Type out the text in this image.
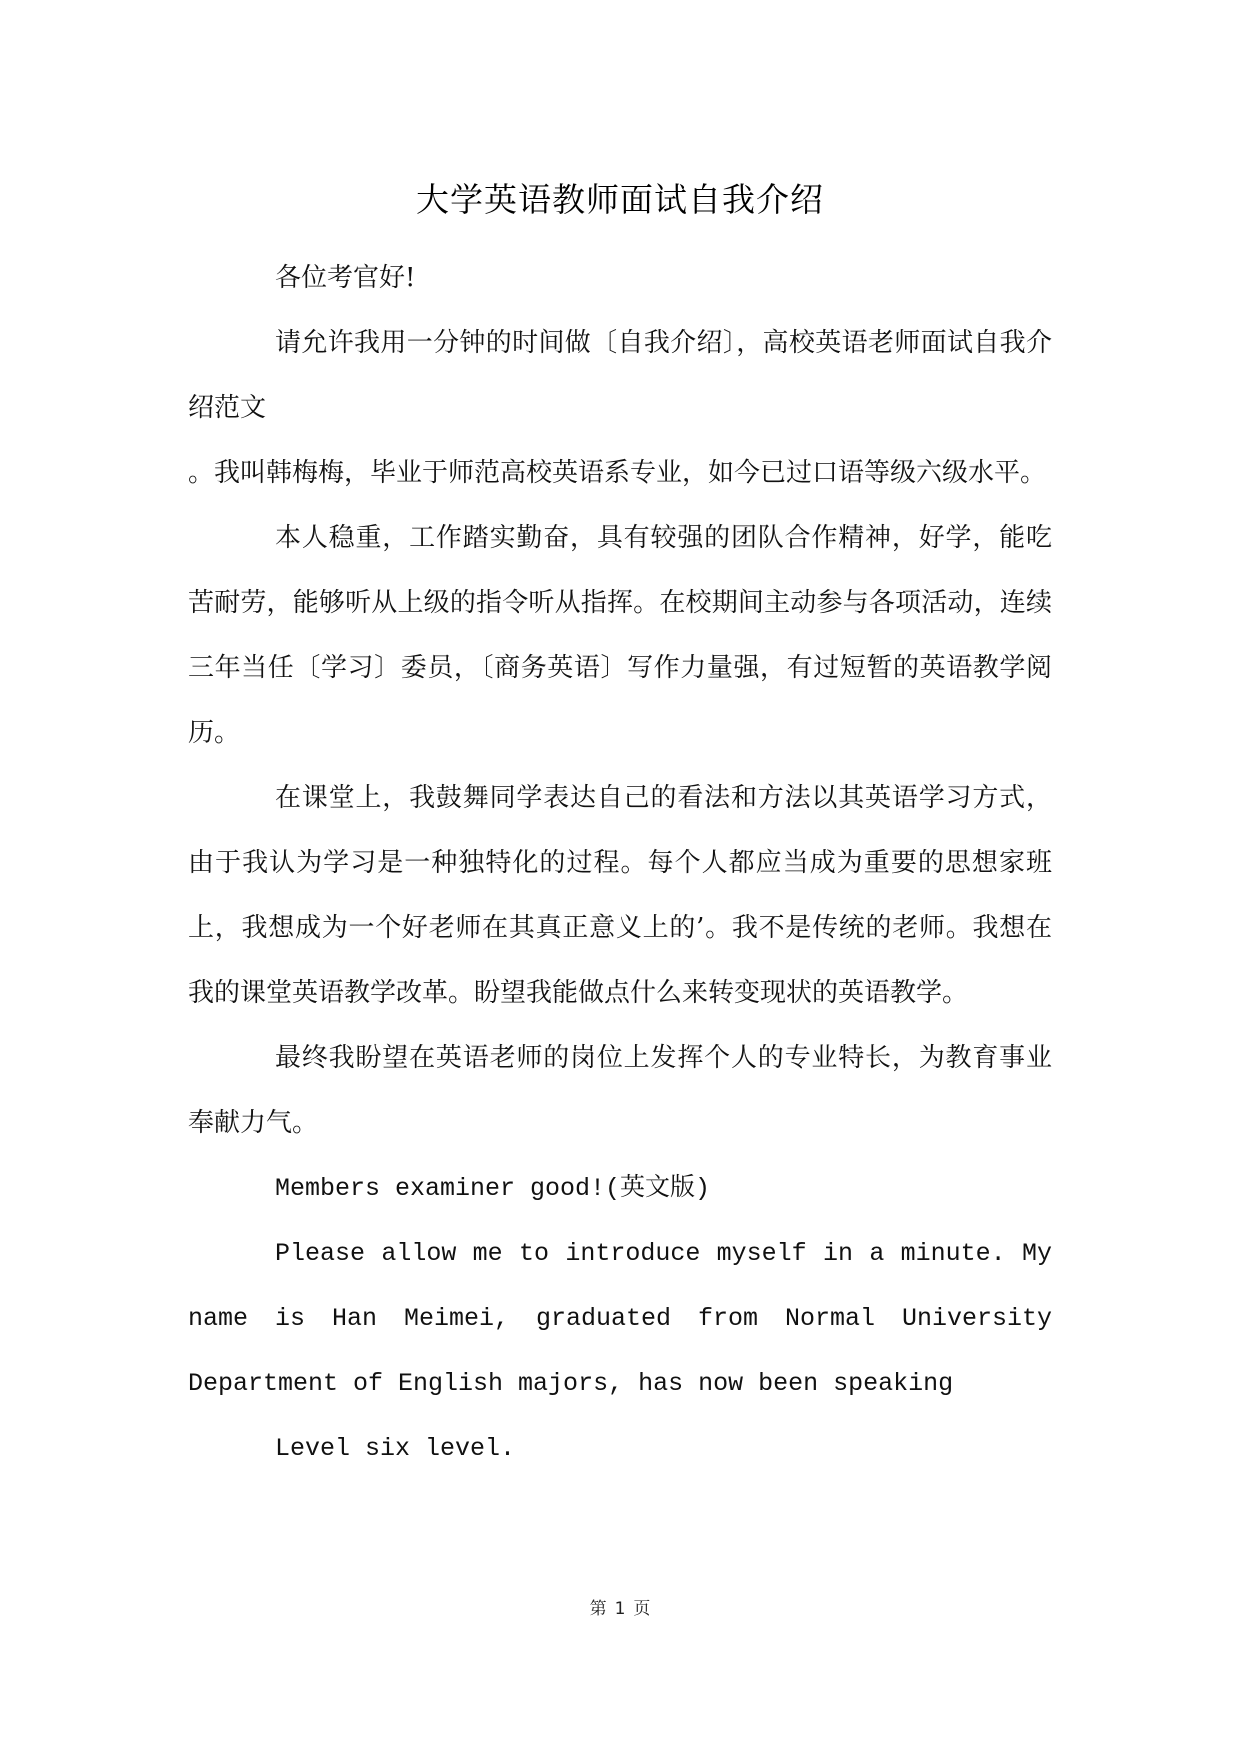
大学英语教师面试自我介绍

各位考官好!

请允许我用一分钟的时间做〔自我介绍〕，高校英语老师面试自我介绍范文

。我叫韩梅梅，毕业于师范高校英语系专业，如今已过口语等级六级水平。

本人稳重，工作踏实勤奋，具有较强的团队合作精神，好学，能吃苦耐劳，能够听从上级的指令听从指挥。在校期间主动参与各项活动，连续三年当任〔学习〕委员，〔商务英语〕写作力量强，有过短暂的英语教学阅历。

在课堂上，我鼓舞同学表达自己的看法和方法以其英语学习方式，由于我认为学习是一种独特化的过程。每个人都应当成为重要的思想家班上，我想成为一个好老师在其真正意义上的’。我不是传统的老师。我想在我的课堂英语教学改革。盼望我能做点什么来转变现状的英语教学。

最终我盼望在英语老师的岗位上发挥个人的专业特长，为教育事业奉献力气。

Members examiner good!(英文版)

Please allow me to introduce myself in a minute. My name is Han Meimei, graduated from Normal University Department of English majors, has now been speaking

Level six level.

第 1 页
